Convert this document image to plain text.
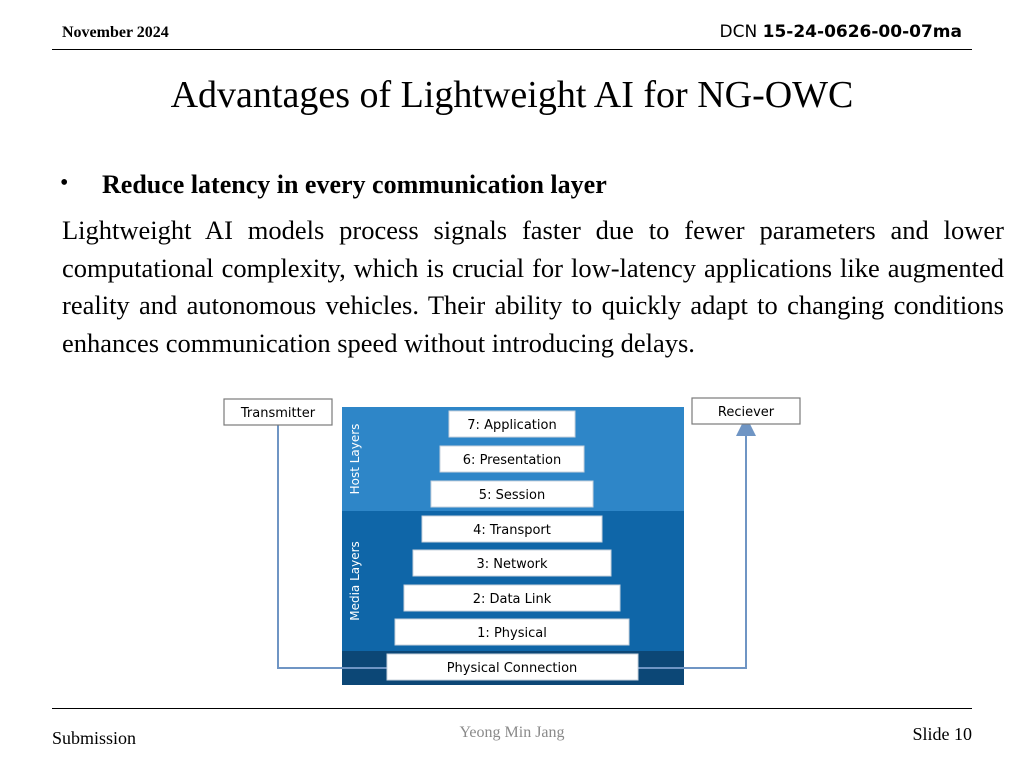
November 2024	DCN 15-24-0626-00-07ma
Advantages of Lightweight AI for NG-OWC
• Reduce latency in every communication layer
Lightweight AI models process signals faster due to fewer parameters and lower computational complexity, which is crucial for low-latency applications like augmented reality and autonomous vehicles. Their ability to quickly adapt to changing conditions enhances communication speed without introducing delays.
Host Layers
Media Layers
Transmitter	Reciever
7: Application
6: Presentation
5: Session
4: Transport
3: Network
2: Data Link
1: Physical
Physical Connection
Submission	Yeong Min Jang	Slide 10
